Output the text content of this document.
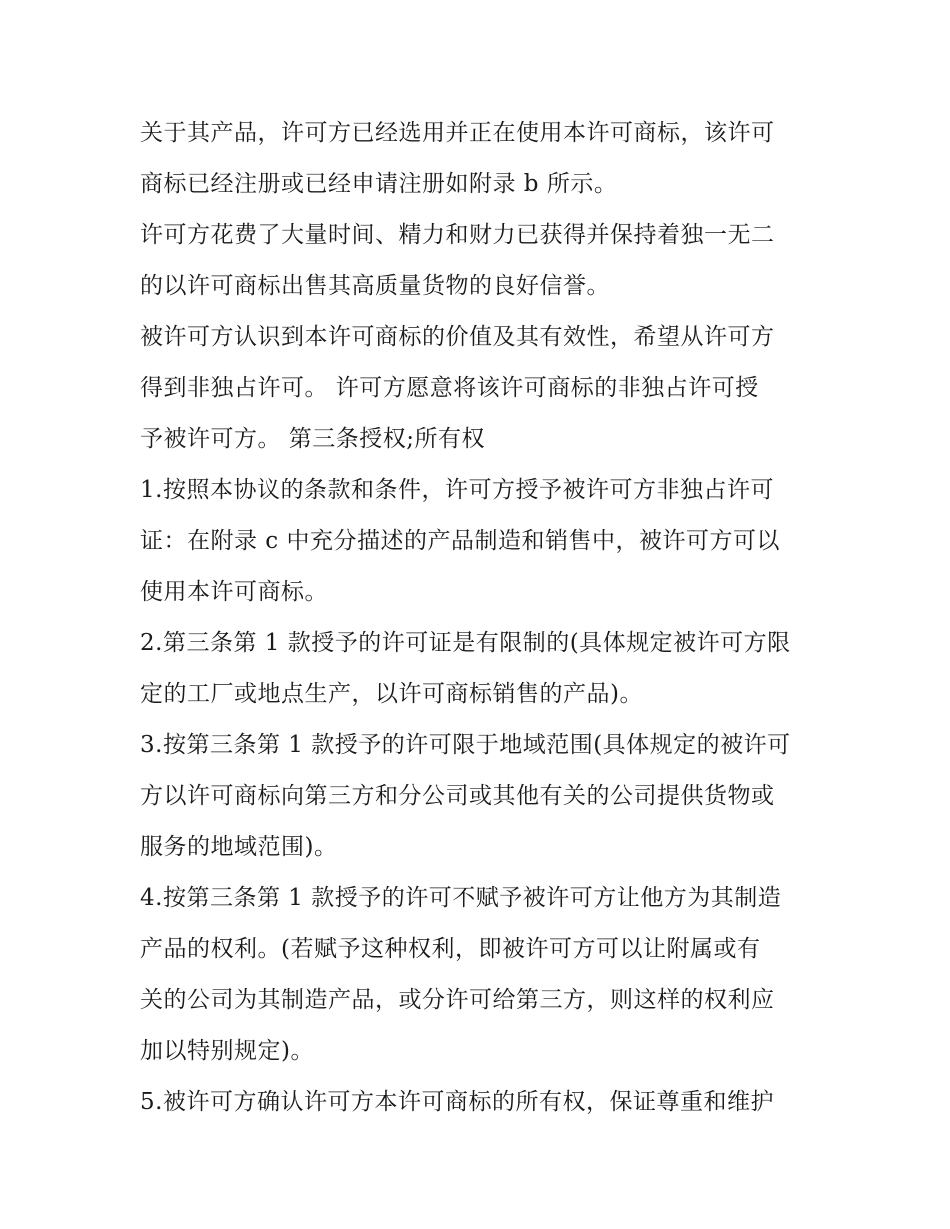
关于其产品，许可方已经选用并正在使用本许可商标，该许可
商标已经注册或已经申请注册如附录 b 所示。
许可方花费了大量时间、精力和财力已获得并保持着独一无二
的以许可商标出售其高质量货物的良好信誉。
被许可方认识到本许可商标的价值及其有效性，希望从许可方
得到非独占许可。 许可方愿意将该许可商标的非独占许可授
予被许可方。 第三条授权;所有权
1.按照本协议的条款和条件，许可方授予被许可方非独占许可
证：在附录 c 中充分描述的产品制造和销售中，被许可方可以
使用本许可商标。
2.第三条第 1 款授予的许可证是有限制的(具体规定被许可方限
定的工厂或地点生产，以许可商标销售的产品)。
3.按第三条第 1 款授予的许可限于地域范围(具体规定的被许可
方以许可商标向第三方和分公司或其他有关的公司提供货物或
服务的地域范围)。
4.按第三条第 1 款授予的许可不赋予被许可方让他方为其制造
产品的权利。(若赋予这种权利，即被许可方可以让附属或有
关的公司为其制造产品，或分许可给第三方，则这样的权利应
加以特别规定)。
5.被许可方确认许可方本许可商标的所有权，保证尊重和维护
